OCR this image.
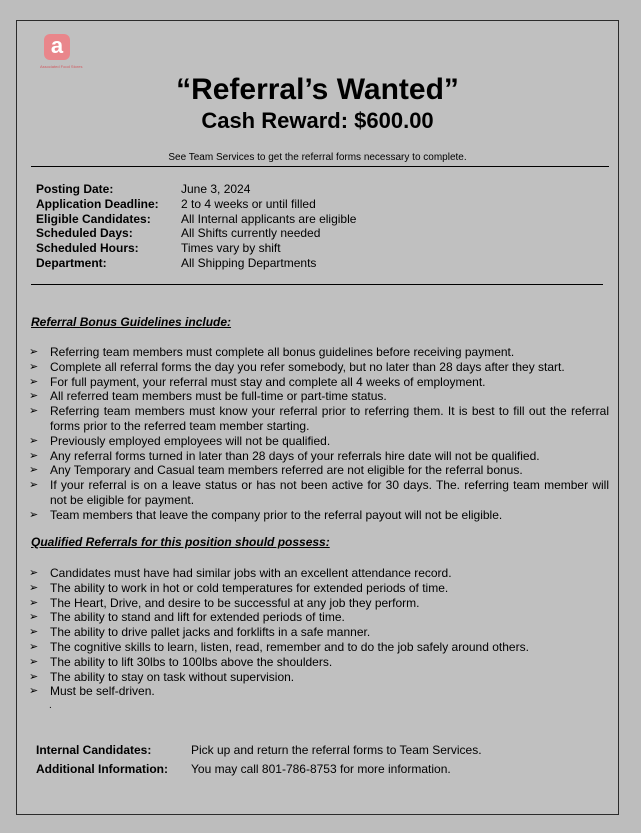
a
Associated Food Stores
“Referral’s Wanted”
Cash Reward: $600.00
See Team Services to get the referral forms necessary to complete.
Posting Date:	June 3, 2024
Application Deadline:	2 to 4 weeks or until filled
Eligible Candidates:	All Internal applicants are eligible
Scheduled Days:	All Shifts currently needed
Scheduled Hours:	Times vary by shift
Department:	All Shipping Departments
Referral Bonus Guidelines include:
➢ Referring team members must complete all bonus guidelines before receiving payment.
➢ Complete all referral forms the day you refer somebody, but no later than 28 days after they start.
➢ For full payment, your referral must stay and complete all 4 weeks of employment.
➢ All referred team members must be full-time or part-time status.
➢ Referring team members must know your referral prior to referring them. It is best to fill out the referral forms prior to the referred team member starting.
➢ Previously employed employees will not be qualified.
➢ Any referral forms turned in later than 28 days of your referrals hire date will not be qualified.
➢ Any Temporary and Casual team members referred are not eligible for the referral bonus.
➢ If your referral is on a leave status or has not been active for 30 days. The. referring team member will not be eligible for payment.
➢ Team members that leave the company prior to the referral payout will not be eligible.
Qualified Referrals for this position should possess:
➢ Candidates must have had similar jobs with an excellent attendance record.
➢ The ability to work in hot or cold temperatures for extended periods of time.
➢ The Heart, Drive, and desire to be successful at any job they perform.
➢ The ability to stand and lift for extended periods of time.
➢ The ability to drive pallet jacks and forklifts in a safe manner.
➢ The cognitive skills to learn, listen, read, remember and to do the job safely around others.
➢ The ability to lift 30lbs to 100lbs above the shoulders.
➢ The ability to stay on task without supervision.
➢ Must be self-driven.
.
Internal Candidates:	Pick up and return the referral forms to Team Services.
Additional Information:	You may call 801-786-8753 for more information.
